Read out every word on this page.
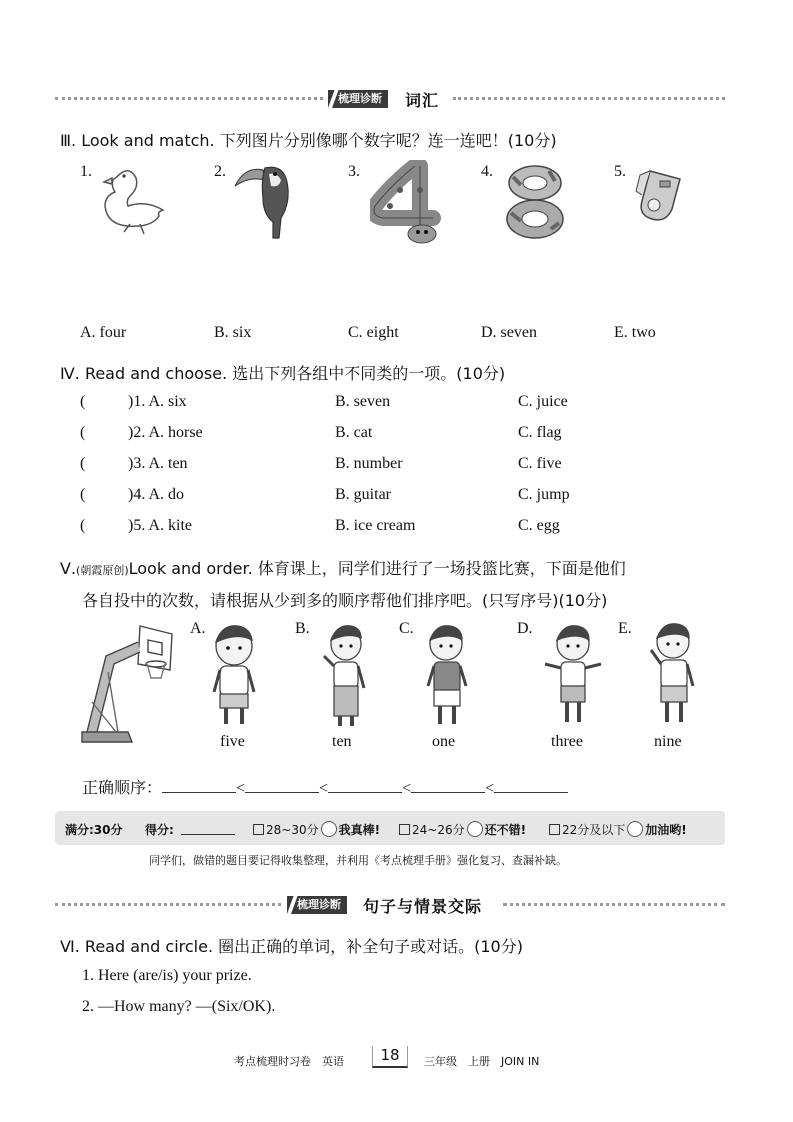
梳理诊断	词汇
Ⅲ. Look and match. 下列图片分别像哪个数字呢？连一连吧！(10分)
1.	2.	3.	4.	5.
A. four	B. six	C. eight	D. seven	E. two
Ⅳ. Read and choose. 选出下列各组中不同类的一项。(10分)
(	)1. A. six	B. seven	C. juice
(	)2. A. horse	B. cat	C. flag
(	)3. A. ten	B. number	C. five
(	)4. A. do	B. guitar	C. jump
(	)5. A. kite	B. ice cream	C. egg
Ⅴ.(朝霞原创)Look and order. 体育课上，同学们进行了一场投篮比赛，下面是他们
各自投中的次数，请根据从少到多的顺序帮他们排序吧。(只写序号)(10分)
A.	B.	C.	D.	E.
five	ten	one	three	nine
正确顺序：	<	<	<	<
满分:30分 得分:	28~30分 我真棒!	24~26分 还不错!	22分及以下 加油哟!
同学们，做错的题目要记得收集整理，并利用《考点梳理手册》强化复习、查漏补缺。
梳理诊断	句子与情景交际
Ⅵ. Read and circle. 圈出正确的单词，补全句子或对话。(10分)
1. Here (are/is) your prize.
2. —How many? —(Six/OK).
考点梳理时习卷　英语	18	三年级　上册　JOIN IN
